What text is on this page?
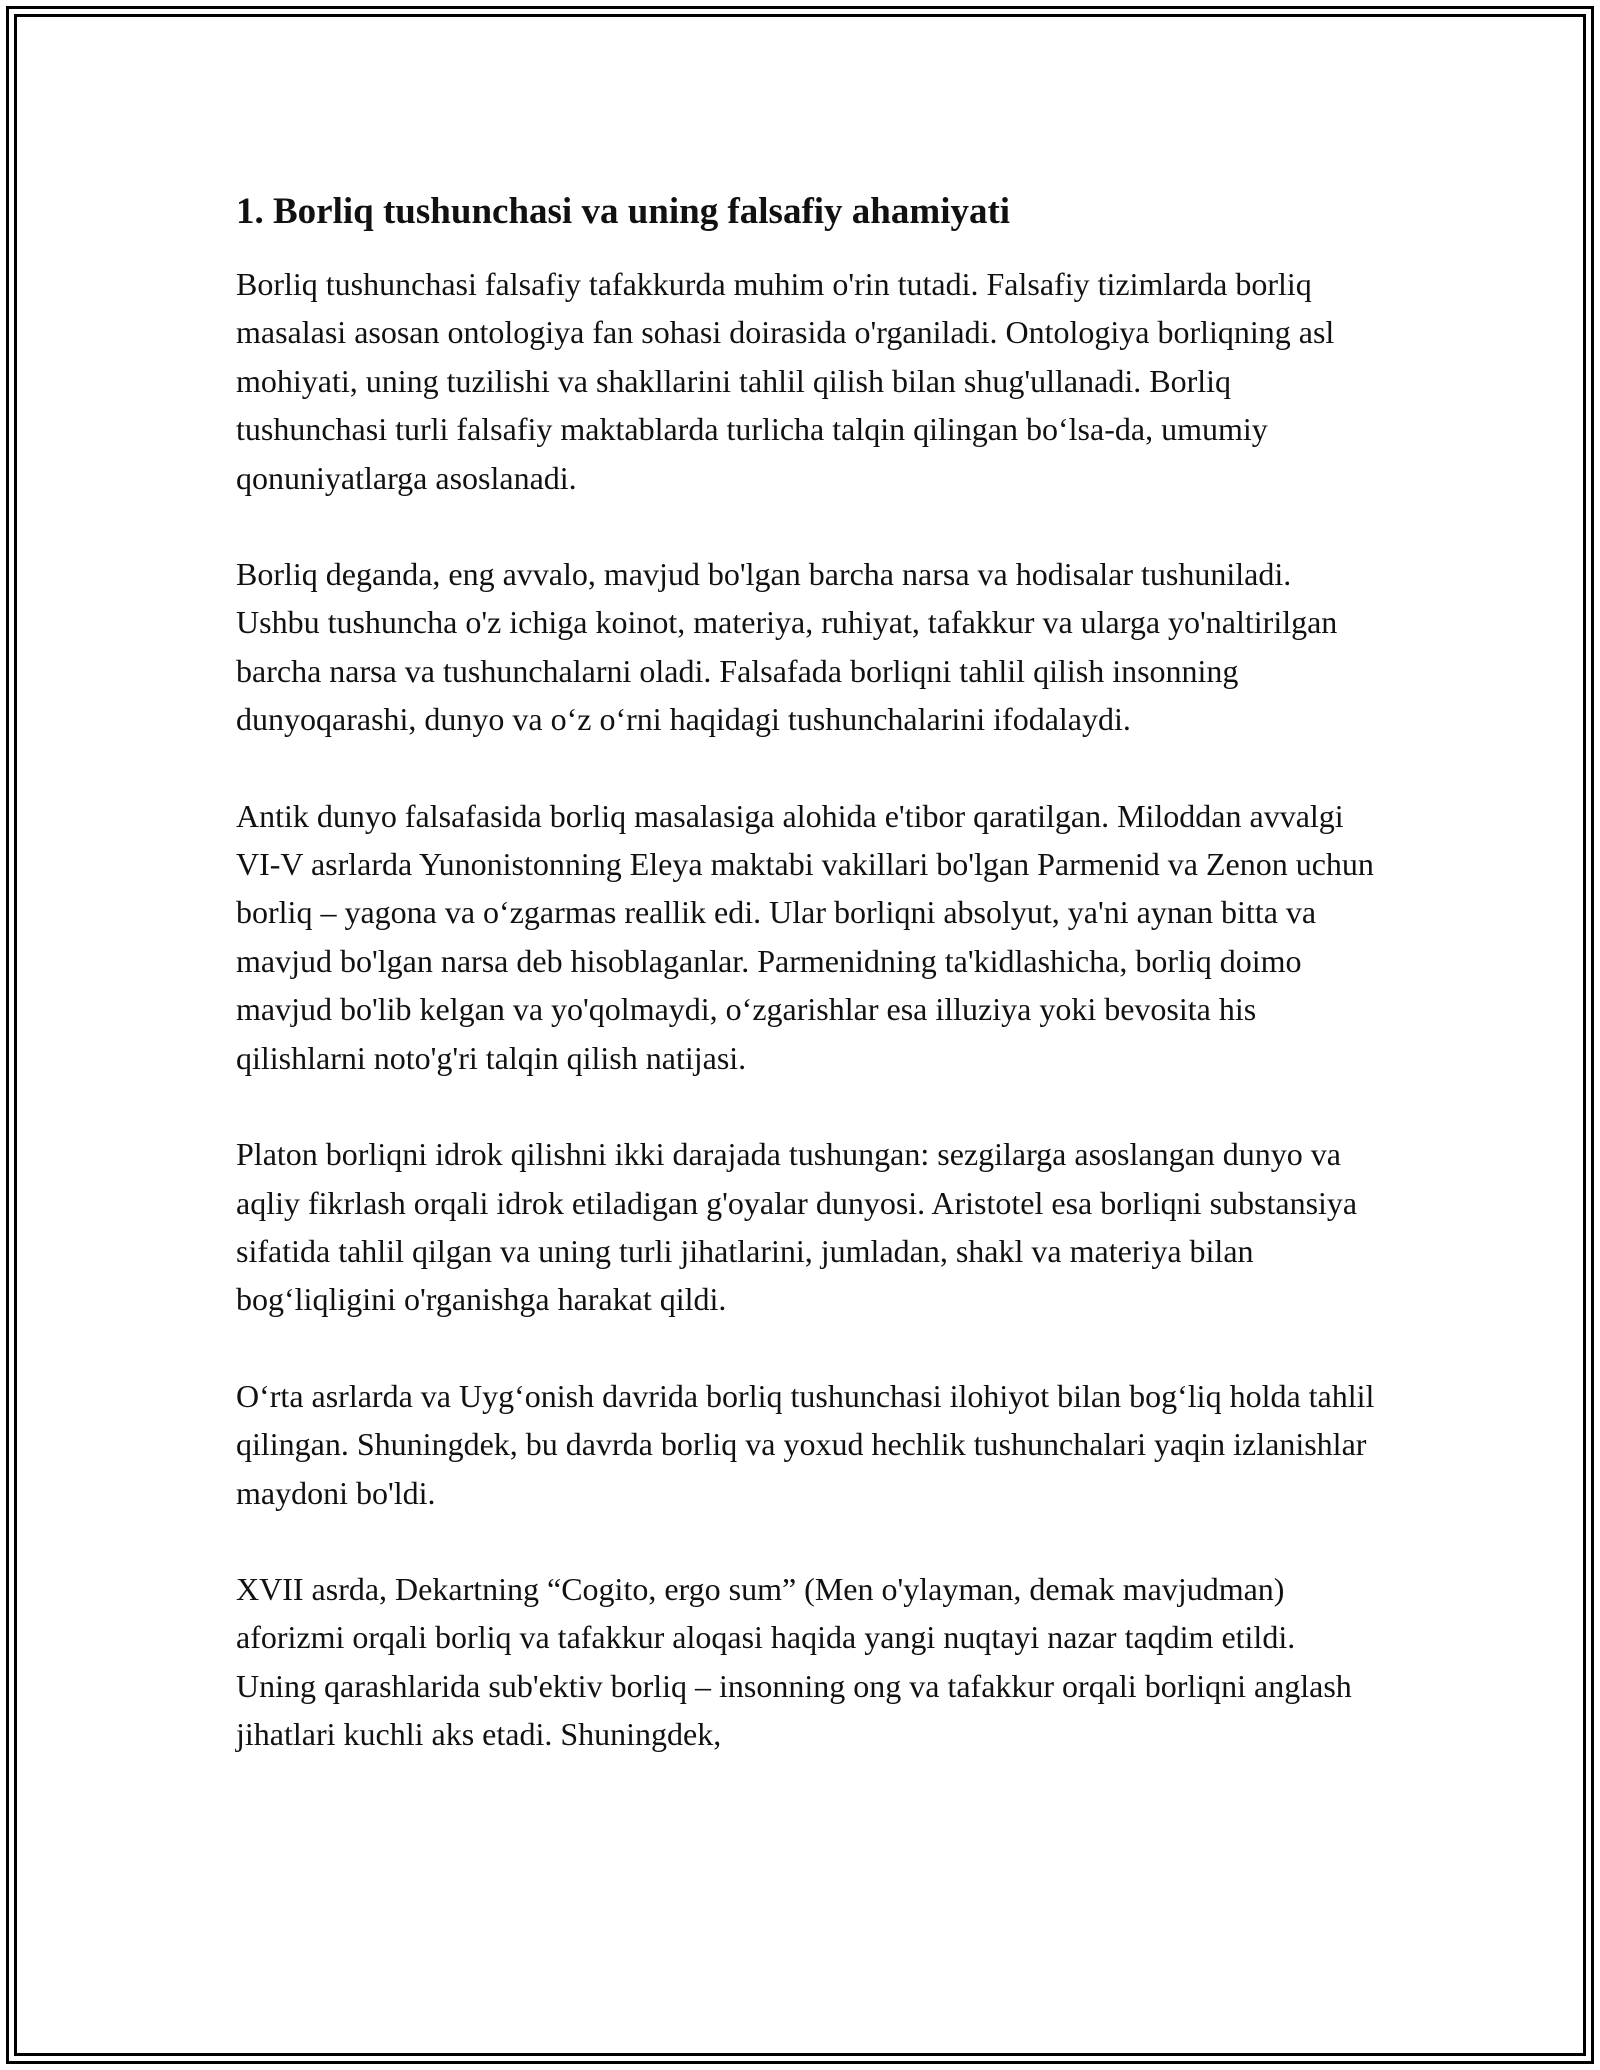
1. Borliq tushunchasi va uning falsafiy ahamiyati

Borliq tushunchasi falsafiy tafakkurda muhim o'rin tutadi. Falsafiy tizimlarda borliq masalasi asosan ontologiya fan sohasi doirasida o'rganiladi. Ontologiya borliqning asl mohiyati, uning tuzilishi va shakllarini tahlil qilish bilan shug'ullanadi. Borliq tushunchasi turli falsafiy maktablarda turlicha talqin qilingan bo‘lsa-da, umumiy qonuniyatlarga asoslanadi.

Borliq deganda, eng avvalo, mavjud bo'lgan barcha narsa va hodisalar tushuniladi. Ushbu tushuncha o'z ichiga koinot, materiya, ruhiyat, tafakkur va ularga yo'naltirilgan barcha narsa va tushunchalarni oladi. Falsafada borliqni tahlil qilish insonning dunyoqarashi, dunyo va o‘z o‘rni haqidagi tushunchalarini ifodalaydi.

Antik dunyo falsafasida borliq masalasiga alohida e'tibor qaratilgan. Miloddan avvalgi VI-V asrlarda Yunonistonning Eleya maktabi vakillari bo'lgan Parmenid va Zenon uchun borliq – yagona va o‘zgarmas reallik edi. Ular borliqni absolyut, ya'ni aynan bitta va mavjud bo'lgan narsa deb hisoblaganlar. Parmenidning ta'kidlashicha, borliq doimo mavjud bo'lib kelgan va yo'qolmaydi, o‘zgarishlar esa illuziya yoki bevosita his qilishlarni noto'g'ri talqin qilish natijasi.

Platon borliqni idrok qilishni ikki darajada tushungan: sezgilarga asoslangan dunyo va aqliy fikrlash orqali idrok etiladigan g'oyalar dunyosi. Aristotel esa borliqni substansiya sifatida tahlil qilgan va uning turli jihatlarini, jumladan, shakl va materiya bilan bog‘liqligini o'rganishga harakat qildi.

O‘rta asrlarda va Uyg‘onish davrida borliq tushunchasi ilohiyot bilan bog‘liq holda tahlil qilingan. Shuningdek, bu davrda borliq va yoxud hechlik tushunchalari yaqin izlanishlar maydoni bo'ldi.

XVII asrda, Dekartning “Cogito, ergo sum” (Men o'ylayman, demak mavjudman) aforizmi orqali borliq va tafakkur aloqasi haqida yangi nuqtayi nazar taqdim etildi. Uning qarashlarida sub'ektiv borliq – insonning ong va tafakkur orqali borliqni anglash jihatlari kuchli aks etadi. Shuningdek,
